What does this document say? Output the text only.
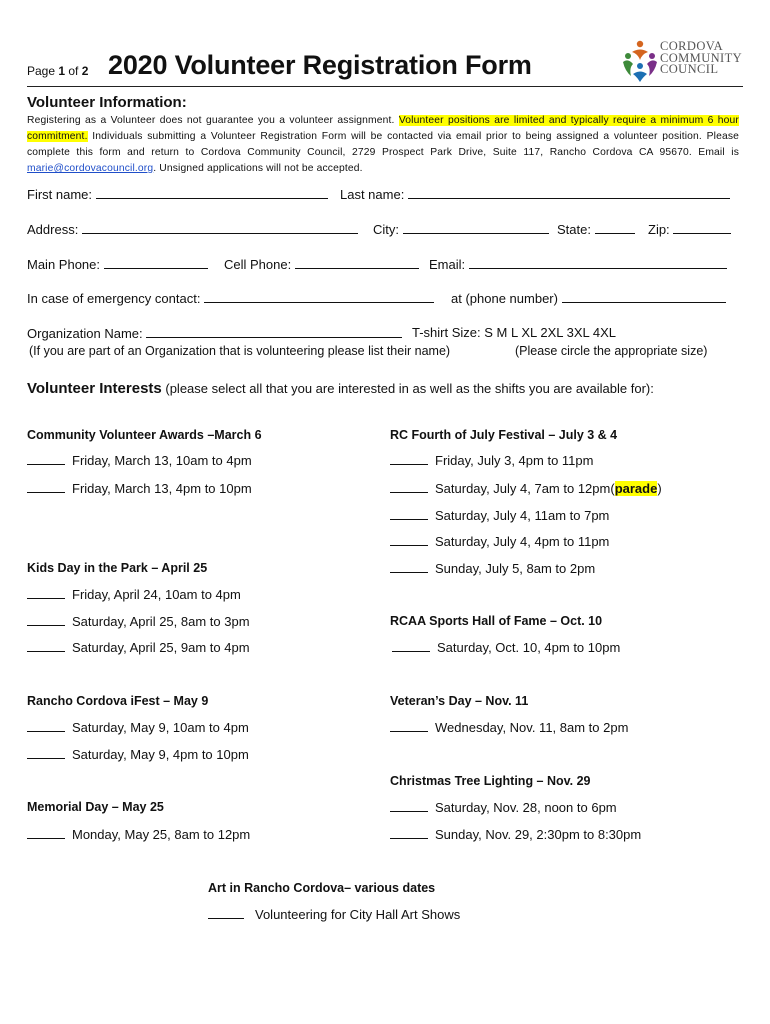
Page 1 of 2 2020 Volunteer Registration Form
CORDOVA
COMMUNITY
COUNCIL
Volunteer Information:
Registering as a Volunteer does not guarantee you a volunteer assignment. Volunteer positions are limited and typically require a minimum 6 hour commitment. Individuals submitting a Volunteer Registration Form will be contacted via email prior to being assigned a volunteer position. Please complete this form and return to Cordova Community Council, 2729 Prospect Park Drive, Suite 117, Rancho Cordova CA 95670. Email is marie@cordovacouncil.org. Unsigned applications will not be accepted.
First name:	Last name:
Address:	City:	State:	Zip:
Main Phone:	Cell Phone:	Email:
In case of emergency contact:	at (phone number)
Organization Name:	T-shirt Size: S M L XL 2XL 3XL 4XL
(If you are part of an Organization that is volunteering please list their name)	(Please circle the appropriate size)
Volunteer Interests (please select all that you are interested in as well as the shifts you are available for):
Community Volunteer Awards –March 6
Friday, March 13, 10am to 4pm
Friday, March 13, 4pm to 10pm
Kids Day in the Park – April 25
Friday, April 24, 10am to 4pm
Saturday, April 25, 8am to 3pm
Saturday, April 25, 9am to 4pm
Rancho Cordova iFest – May 9
Saturday, May 9, 10am to 4pm
Saturday, May 9, 4pm to 10pm
Memorial Day – May 25
Monday, May 25, 8am to 12pm
RC Fourth of July Festival – July 3 & 4
Friday, July 3, 4pm to 11pm
Saturday, July 4, 7am to 12pm(parade)
Saturday, July 4, 11am to 7pm
Saturday, July 4, 4pm to 11pm
Sunday, July 5, 8am to 2pm
RCAA Sports Hall of Fame – Oct. 10
Saturday, Oct. 10, 4pm to 10pm
Veteran’s Day – Nov. 11
Wednesday, Nov. 11, 8am to 2pm
Christmas Tree Lighting – Nov. 29
Saturday, Nov. 28, noon to 6pm
Sunday, Nov. 29, 2:30pm to 8:30pm
Art in Rancho Cordova– various dates
Volunteering for City Hall Art Shows
